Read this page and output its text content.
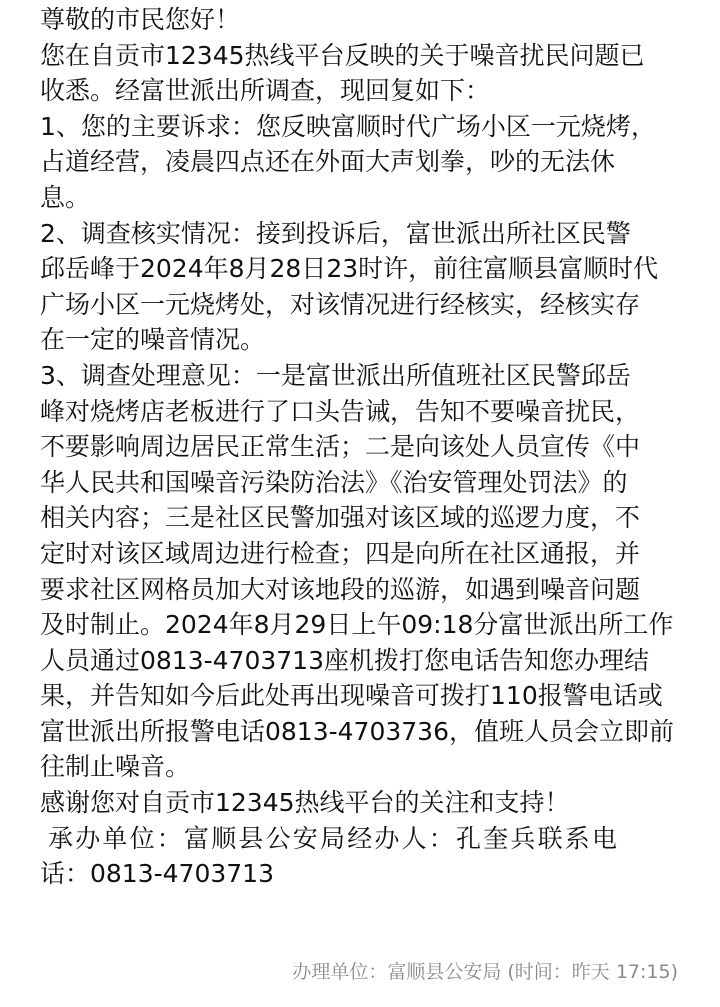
尊敬的市民您好！
您在自贡市12345热线平台反映的关于噪音扰民问题已
收悉。经富世派出所调查，现回复如下：
1、您的主要诉求：您反映富顺时代广场小区一元烧烤，
占道经营，凌晨四点还在外面大声划拳，吵的无法休
息。
2、调查核实情况：接到投诉后，富世派出所社区民警
邱岳峰于2024年8月28日23时许，前往富顺县富顺时代
广场小区一元烧烤处，对该情况进行经核实，经核实存
在一定的噪音情况。
3、调查处理意见：一是富世派出所值班社区民警邱岳
峰对烧烤店老板进行了口头告诫，告知不要噪音扰民，
不要影响周边居民正常生活；二是向该处人员宣传《中
华人民共和国噪音污染防治法》《治安管理处罚法》的
相关内容；三是社区民警加强对该区域的巡逻力度，不
定时对该区域周边进行检查；四是向所在社区通报，并
要求社区网格员加大对该地段的巡游，如遇到噪音问题
及时制止。2024年8月29日上午09:18分富世派出所工作
人员通过0813-4703713座机拨打您电话告知您办理结
果，并告知如今后此处再出现噪音可拨打110报警电话或
富世派出所报警电话0813-4703736，值班人员会立即前
往制止噪音。
感谢您对自贡市12345热线平台的关注和支持！
承办单位：富顺县公安局经办人：孔奎兵联系电
话：0813-4703713
办理单位：富顺县公安局 (时间：昨天 17:15)
